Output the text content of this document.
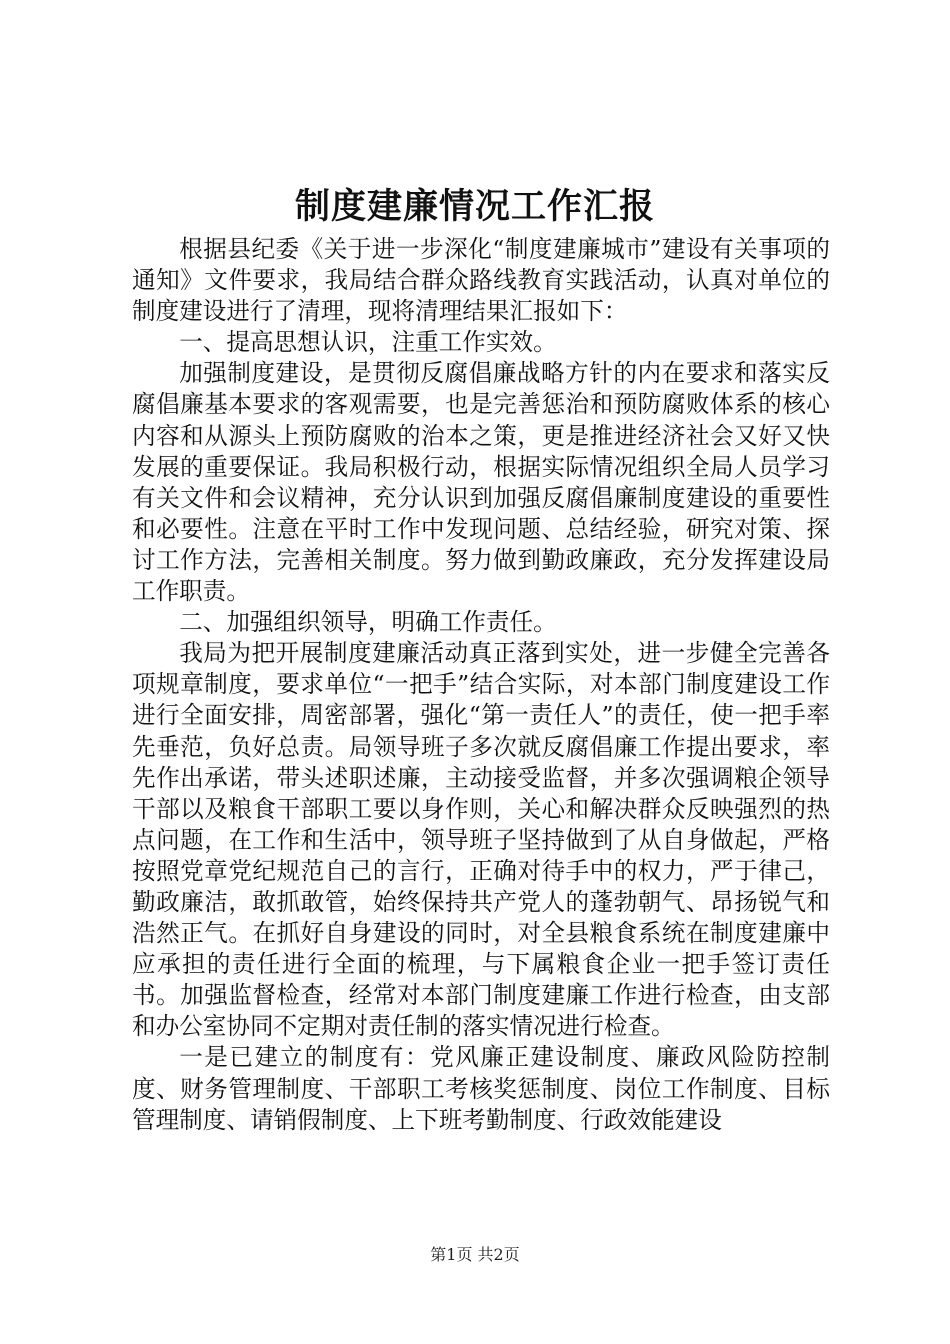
制度建廉情况工作汇报

根据县纪委《关于进一步深化“制度建廉城市”建设有关事项的通知》文件要求，我局结合群众路线教育实践活动，认真对单位的制度建设进行了清理，现将清理结果汇报如下：

一、提高思想认识，注重工作实效。

加强制度建设，是贯彻反腐倡廉战略方针的内在要求和落实反腐倡廉基本要求的客观需要，也是完善惩治和预防腐败体系的核心内容和从源头上预防腐败的治本之策，更是推进经济社会又好又快发展的重要保证。我局积极行动，根据实际情况组织全局人员学习有关文件和会议精神，充分认识到加强反腐倡廉制度建设的重要性和必要性。注意在平时工作中发现问题、总结经验，研究对策、探讨工作方法，完善相关制度。努力做到勤政廉政，充分发挥建设局工作职责。

二、加强组织领导，明确工作责任。

我局为把开展制度建廉活动真正落到实处，进一步健全完善各项规章制度，要求单位“一把手”结合实际，对本部门制度建设工作进行全面安排，周密部署，强化“第一责任人”的责任，使一把手率先垂范，负好总责。局领导班子多次就反腐倡廉工作提出要求，率先作出承诺，带头述职述廉，主动接受监督，并多次强调粮企领导干部以及粮食干部职工要以身作则，关心和解决群众反映强烈的热点问题，在工作和生活中，领导班子坚持做到了从自身做起，严格按照党章党纪规范自己的言行，正确对待手中的权力，严于律己，勤政廉洁，敢抓敢管，始终保持共产党人的蓬勃朝气、昂扬锐气和浩然正气。在抓好自身建设的同时，对全县粮食系统在制度建廉中应承担的责任进行全面的梳理，与下属粮食企业一把手签订责任书。加强监督检查，经常对本部门制度建廉工作进行检查，由支部和办公室协同不定期对责任制的落实情况进行检查。

一是已建立的制度有：党风廉正建设制度、廉政风险防控制度、财务管理制度、干部职工考核奖惩制度、岗位工作制度、目标管理制度、请销假制度、上下班考勤制度、行政效能建设

第1页 共2页
